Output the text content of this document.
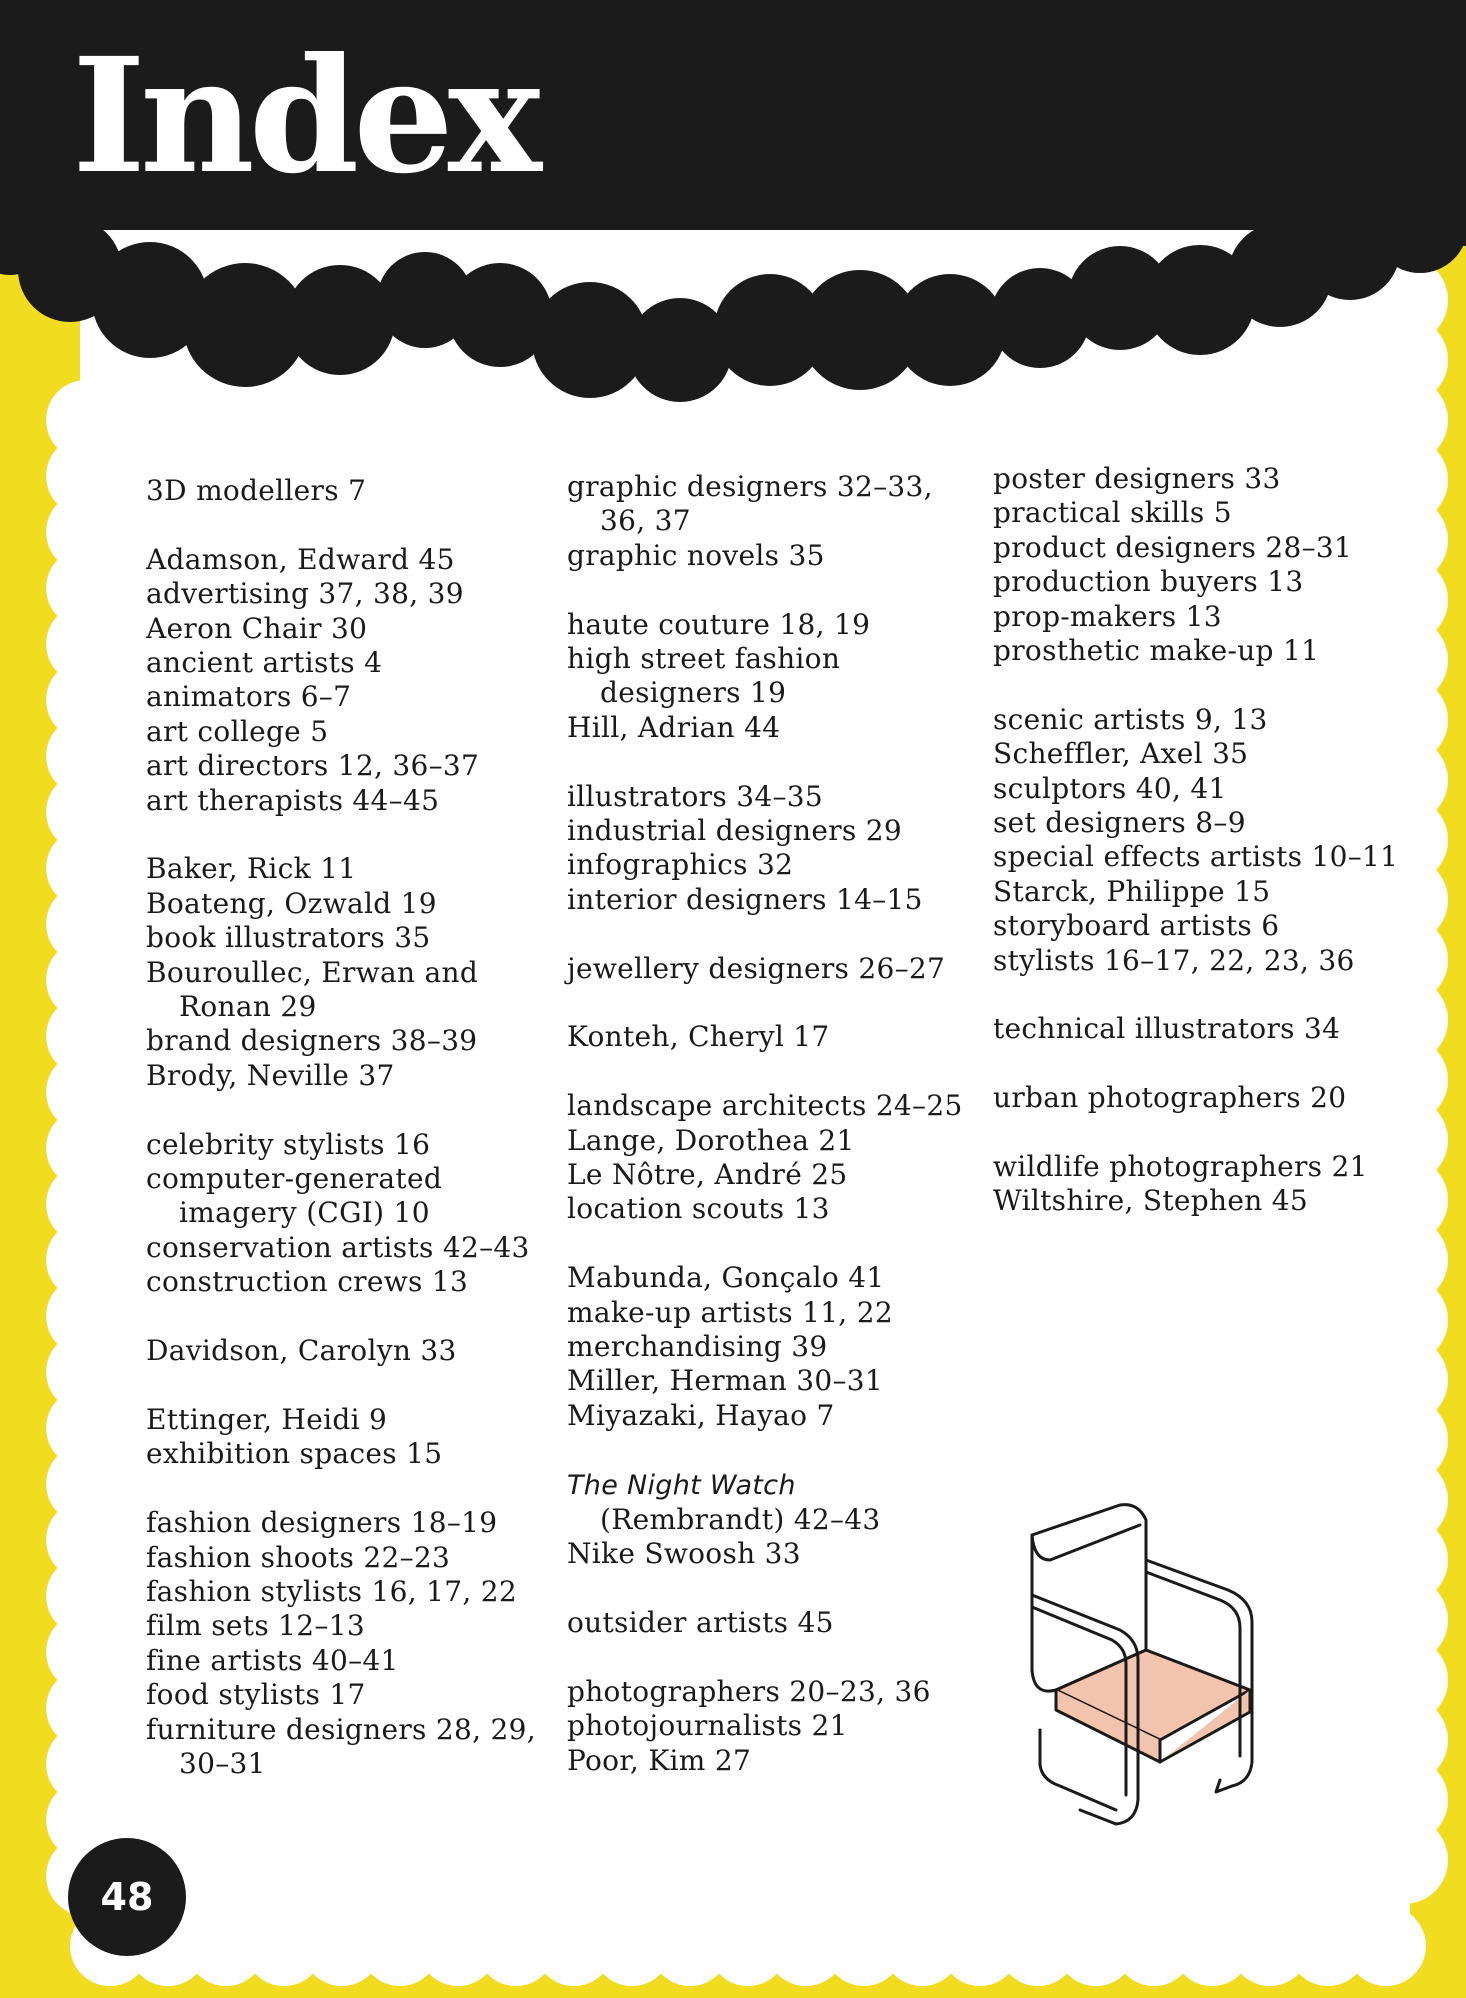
Index
3D modellers 7
Adamson, Edward 45
advertising 37, 38, 39
Aeron Chair 30
ancient artists 4
animators 6–7
art college 5
art directors 12, 36–37
art therapists 44–45
Baker, Rick 11
Boateng, Ozwald 19
book illustrators 35
Bouroullec, Erwan and Ronan 29
brand designers 38–39
Brody, Neville 37
celebrity stylists 16
computer-generated imagery (CGI) 10
conservation artists 42–43
construction crews 13
Davidson, Carolyn 33
Ettinger, Heidi 9
exhibition spaces 15
fashion designers 18–19
fashion shoots 22–23
fashion stylists 16, 17, 22
film sets 12–13
fine artists 40–41
food stylists 17
furniture designers 28, 29, 30–31
graphic designers 32–33, 36, 37
graphic novels 35
haute couture 18, 19
high street fashion designers 19
Hill, Adrian 44
illustrators 34–35
industrial designers 29
infographics 32
interior designers 14–15
jewellery designers 26–27
Konteh, Cheryl 17
landscape architects 24–25
Lange, Dorothea 21
Le Nôtre, André 25
location scouts 13
Mabunda, Gonçalo 41
make-up artists 11, 22
merchandising 39
Miller, Herman 30–31
Miyazaki, Hayao 7
The Night Watch (Rembrandt) 42–43
Nike Swoosh 33
outsider artists 45
photographers 20–23, 36
photojournalists 21
Poor, Kim 27
poster designers 33
practical skills 5
product designers 28–31
production buyers 13
prop-makers 13
prosthetic make-up 11
scenic artists 9, 13
Scheffler, Axel 35
sculptors 40, 41
set designers 8–9
special effects artists 10–11
Starck, Philippe 15
storyboard artists 6
stylists 16–17, 22, 23, 36
technical illustrators 34
urban photographers 20
wildlife photographers 21
Wiltshire, Stephen 45
48
